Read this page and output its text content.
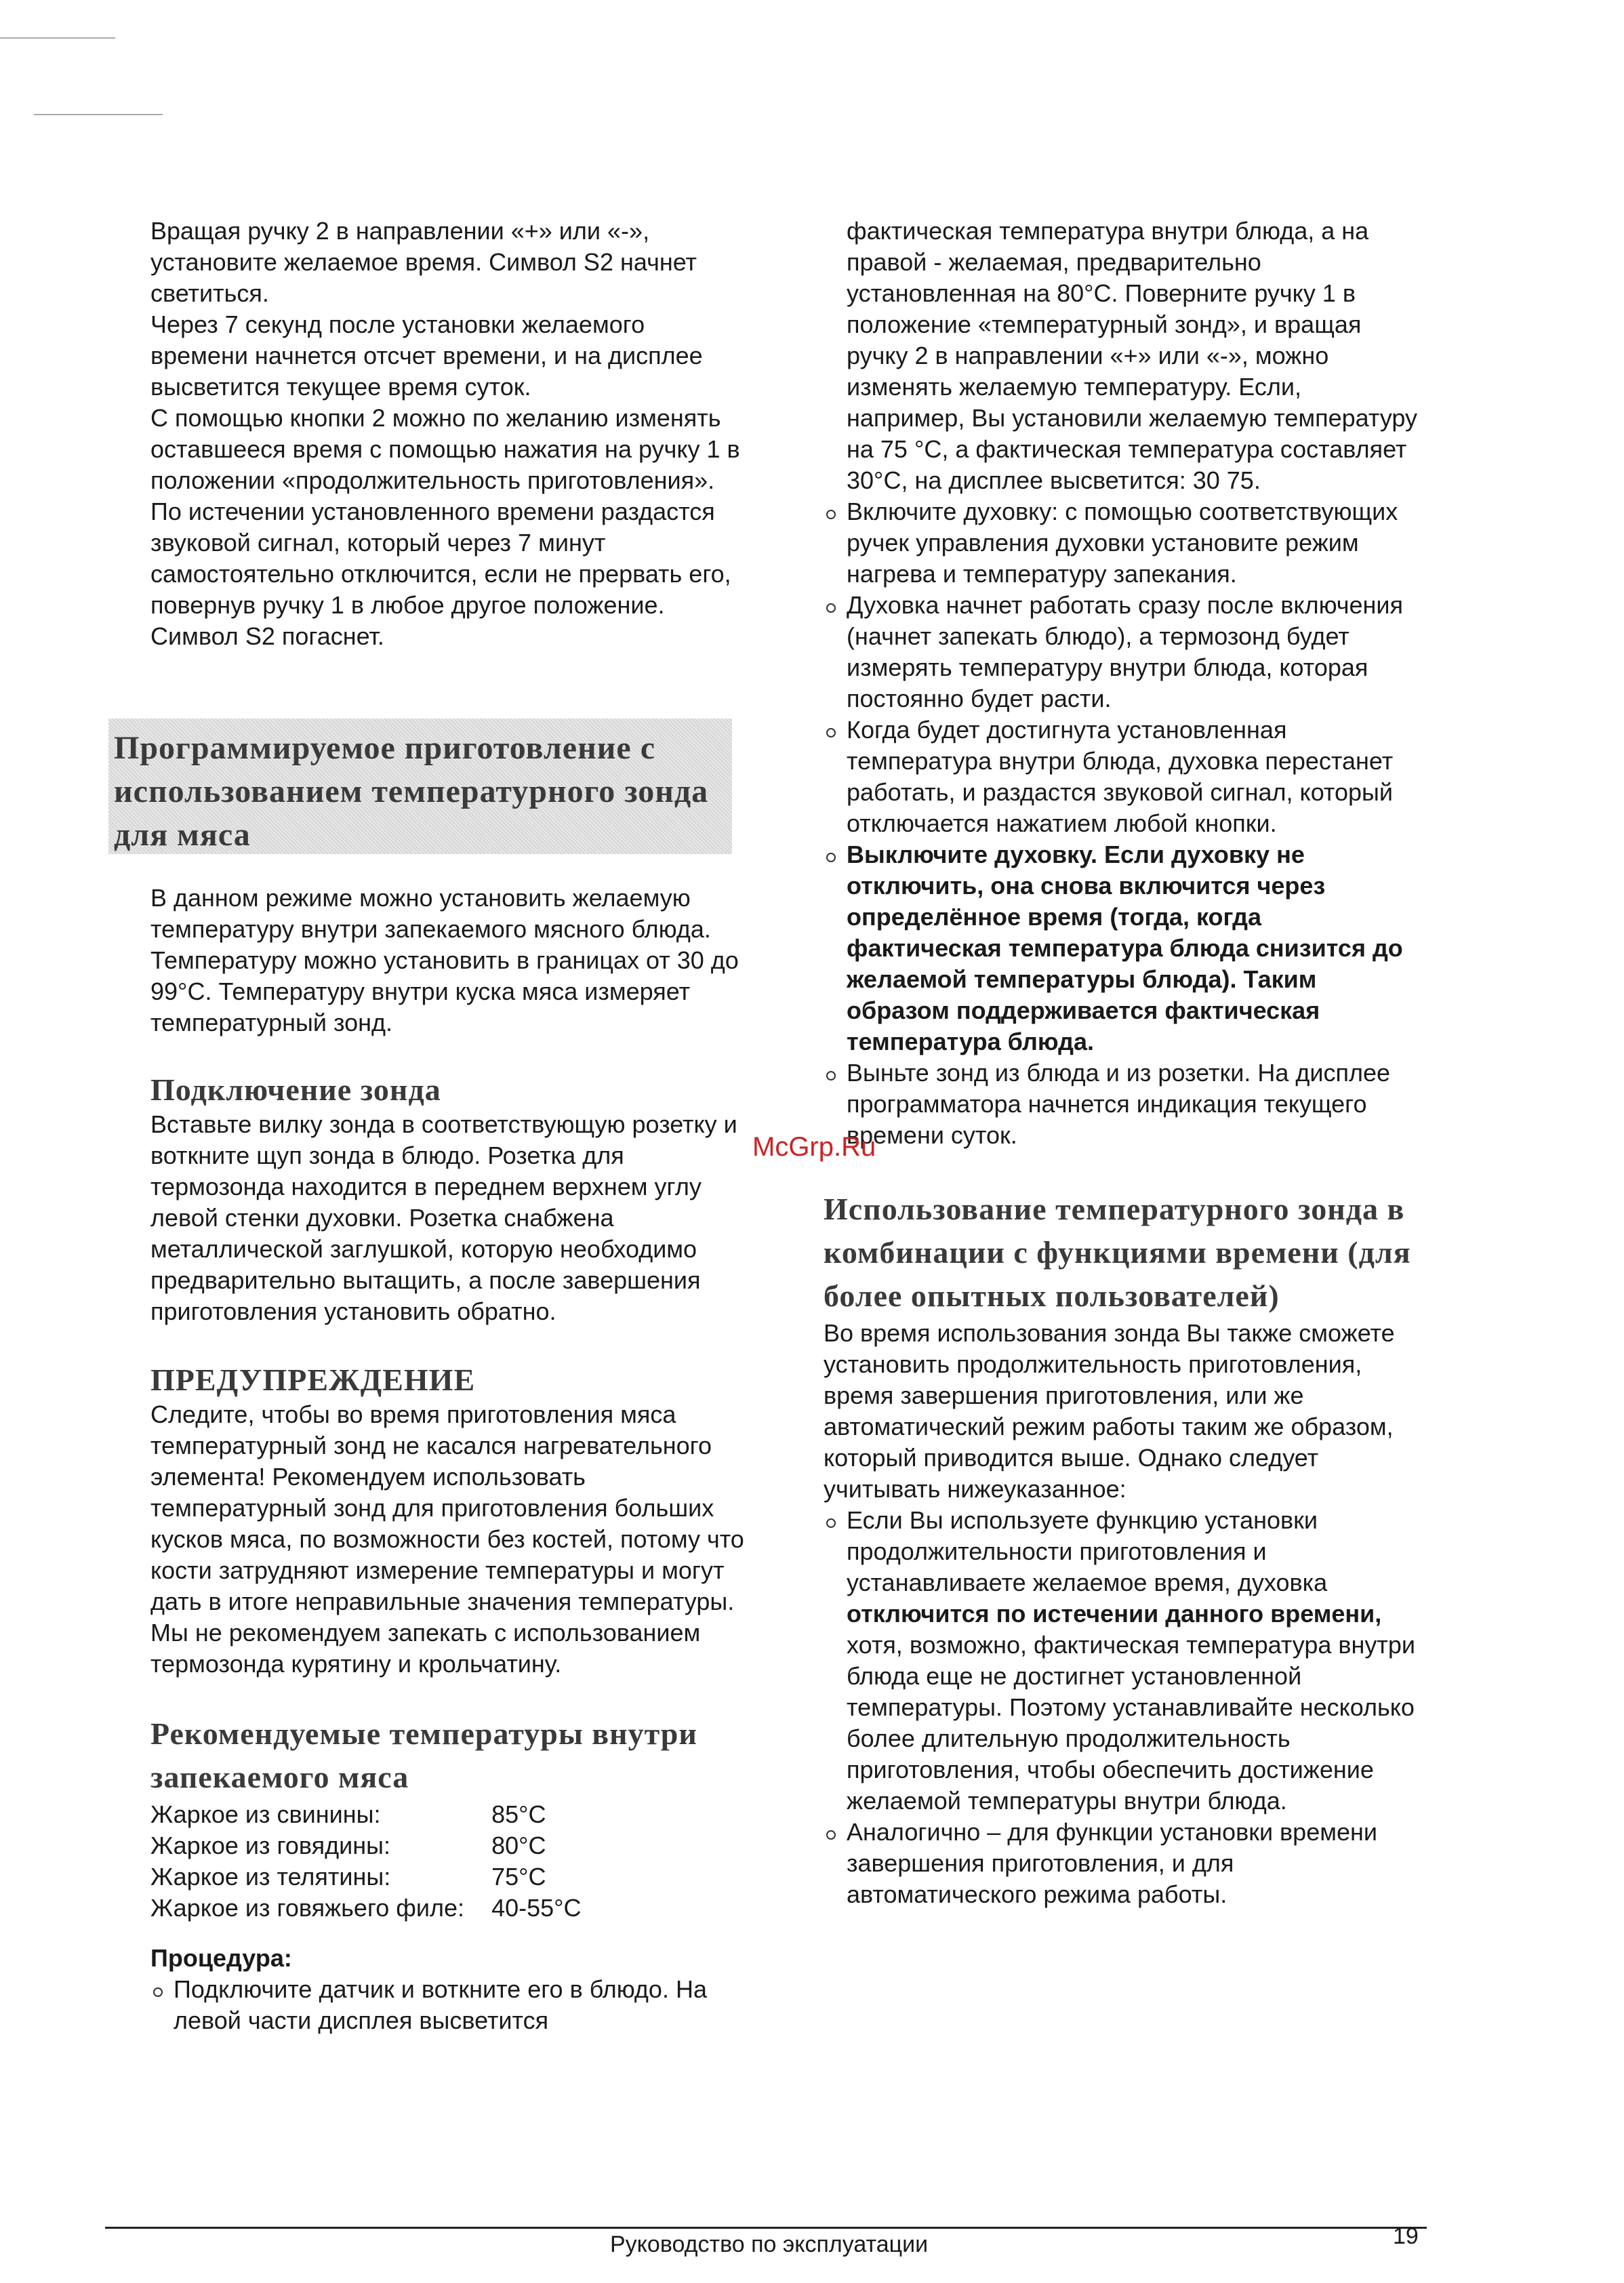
Вращая ручку 2 в направлении «+» или «-», установите желаемое время. Символ S2 начнет светиться.

Через 7 секунд после установки желаемого времени начнется отсчет времени, и на дисплее высветится текущее время суток.

С помощью кнопки 2 можно по желанию изменять оставшееся время с помощью нажатия на ручку 1 в положении «продолжительность приготовления».

По истечении установленного времени раздастся звуковой сигнал, который через 7 минут самостоятельно отключится, если не прервать его, повернув ручку 1 в любое другое положение. Символ S2 погаснет.

Программируемое приготовление с использованием температурного зонда для мяса

В данном режиме можно установить желаемую температуру внутри запекаемого мясного блюда. Температуру можно установить в границах от 30 до 99°C. Температуру внутри куска мяса измеряет температурный зонд.

Подключение зонда

Вставьте вилку зонда в соответствующую розетку и воткните щуп зонда в блюдо. Розетка для термозонда находится в переднем верхнем углу левой стенки духовки. Розетка снабжена металлической заглушкой, которую необходимо предварительно вытащить, а после завершения приготовления установить обратно.

ПРЕДУПРЕЖДЕНИЕ

Следите, чтобы во время приготовления мяса температурный зонд не касался нагревательного элемента! Рекомендуем использовать температурный зонд для приготовления больших кусков мяса, по возможности без костей, потому что кости затрудняют измерение температуры и могут дать в итоге неправильные значения температуры. Мы не рекомендуем запекать с использованием термозонда курятину и крольчатину.

Рекомендуемые температуры внутри запекаемого мяса
Жаркое из свинины:	85°C
Жаркое из говядины:	80°C
Жаркое из телятины:	75°C
Жаркое из говяжьего филе:	40-55°C
Процедура:

Подключите датчик и воткните его в блюдо. На левой части дисплея высветится

фактическая температура внутри блюда, а на правой - желаемая, предварительно установленная на 80°C. Поверните ручку 1 в положение «температурный зонд», и вращая ручку 2 в направлении «+» или «-», можно изменять желаемую температуру. Если, например, Вы установили желаемую температуру на 75 °C, а фактическая температура составляет 30°C, на дисплее высветится: 30 75.

Включите духовку: с помощью соответствующих ручек управления духовки установите режим нагрева и температуру запекания.

Духовка начнет работать сразу после включения (начнет запекать блюдо), а термозонд будет измерять температуру внутри блюда, которая постоянно будет расти.

Когда будет достигнута установленная температура внутри блюда, духовка перестанет работать, и раздастся звуковой сигнал, который отключается нажатием любой кнопки.

Выключите духовку. Если духовку не отключить, она снова включится через определённое время (тогда, когда фактическая температура блюда снизится до желаемой температуры блюда). Таким образом поддерживается фактическая температура блюда.

Выньте зонд из блюда и из розетки. На дисплее программатора начнется индикация текущего времени суток.

Использование температурного зонда в комбинации с функциями времени (для более опытных пользователей)

Во время использования зонда Вы также сможете установить продолжительность приготовления, время завершения приготовления, или же автоматический режим работы таким же образом, который приводится выше. Однако следует учитывать нижеуказанное:

Если Вы используете функцию установки продолжительности приготовления и устанавливаете желаемое время, духовка отключится по истечении данного времени, хотя, возможно, фактическая температура внутри блюда еще не достигнет установленной температуры. Поэтому устанавливайте несколько более длительную продолжительность приготовления, чтобы обеспечить достижение желаемой температуры внутри блюда.

Аналогично – для функции установки времени завершения приготовления, и для автоматического режима работы.

McGrp.Ru
Руководство по эксплуатации	19
